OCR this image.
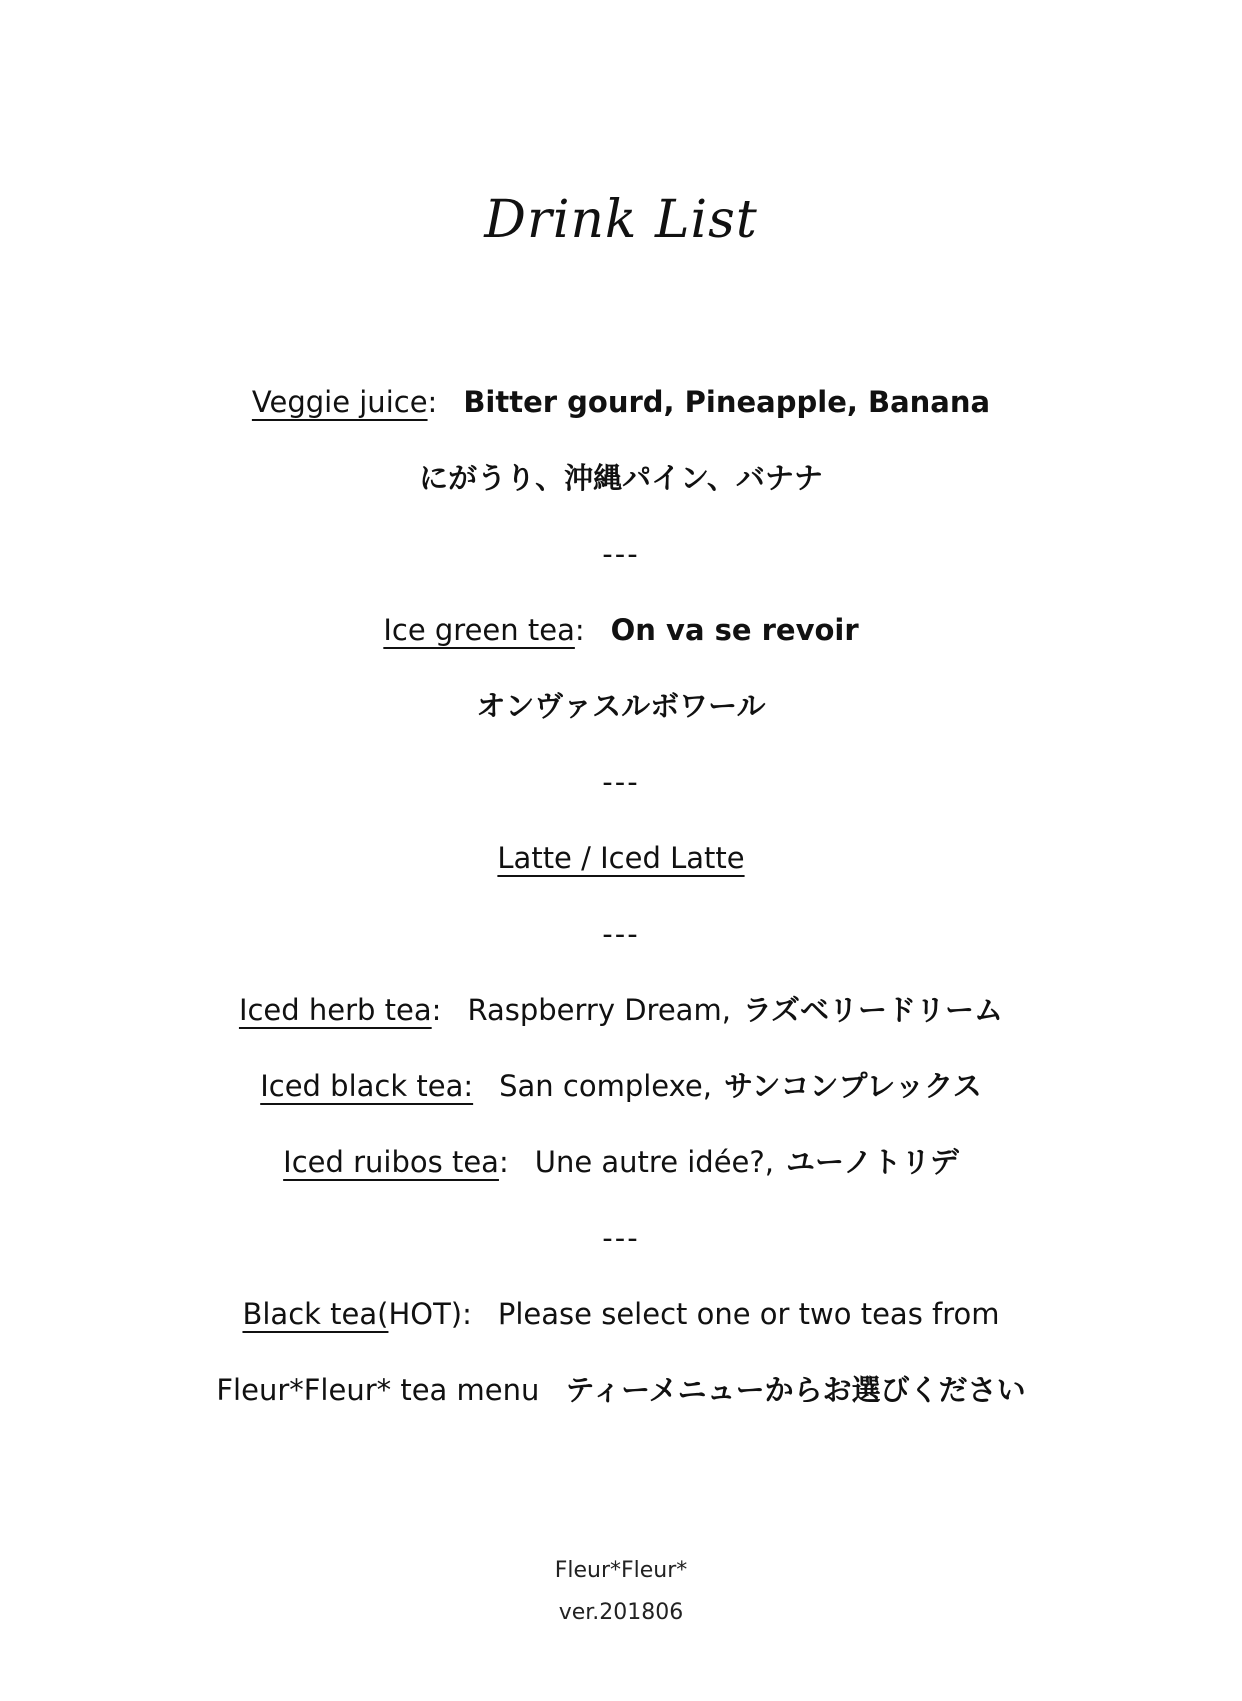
Drink List
Veggie juice: Bitter gourd, Pineapple, Banana
にがうり、沖縄パイン、バナナ
---
Ice green tea: On va se revoir
オンヴァスルボワール
---
Latte / Iced Latte
---
Iced herb tea: Raspberry Dream, ラズベリードリーム
Iced black tea: San complexe, サンコンプレックス
Iced ruibos tea: Une autre idée?, ユーノトリデ
---
Black tea(HOT): Please select one or two teas from
Fleur*Fleur* tea menu ティーメニューからお選びください
Fleur*Fleur*
ver.201806
